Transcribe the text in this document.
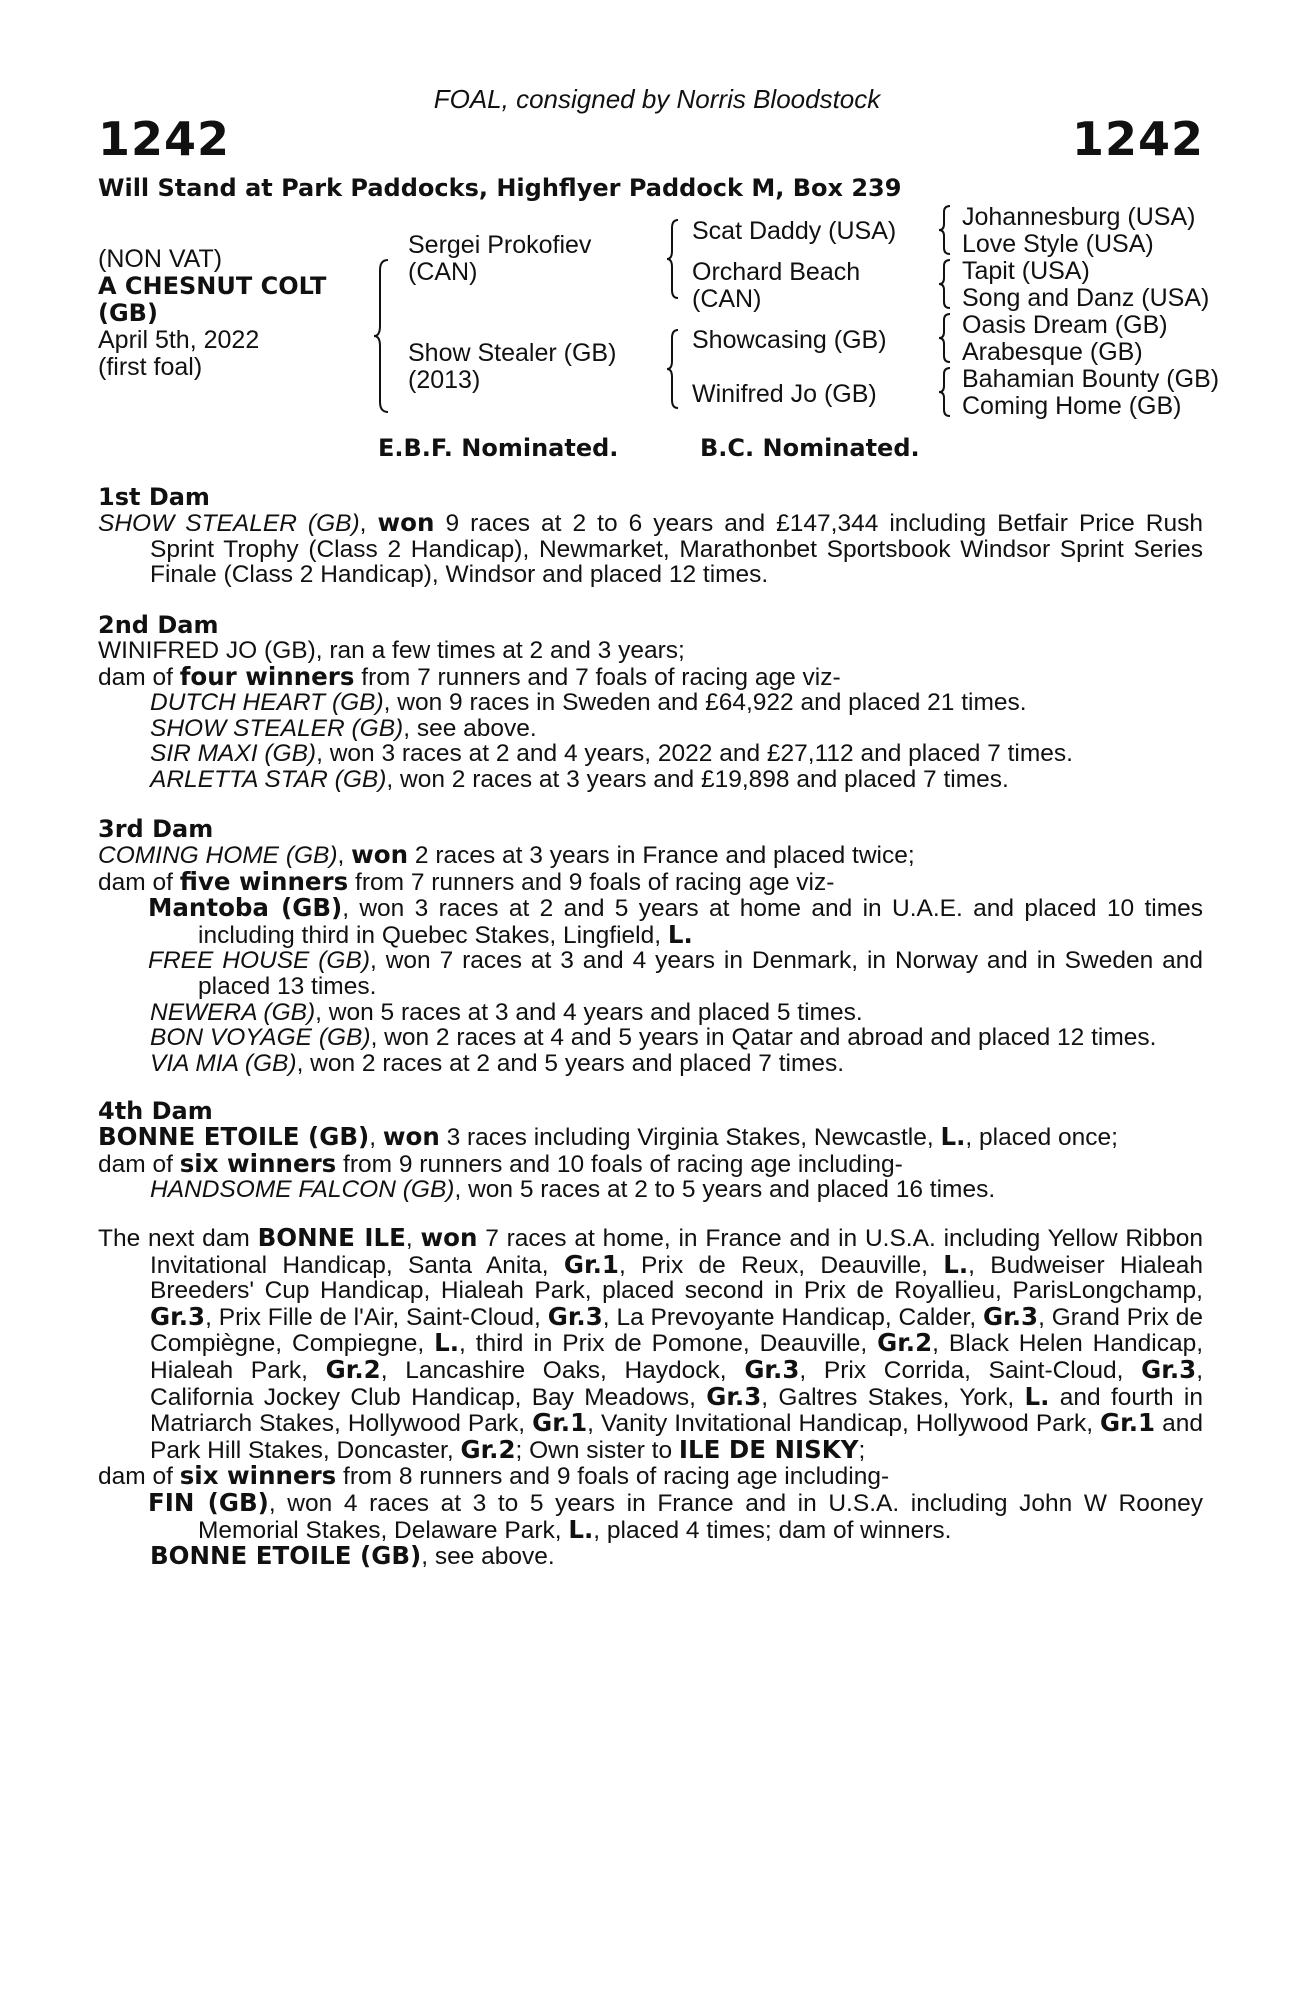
FOAL, consigned by Norris Bloodstock
1242	1242
Will Stand at Park Paddocks, Highflyer Paddock M, Box 239
(NON VAT)
A CHESNUT COLT
(GB)
April 5th, 2022
(first foal)
Sergei Prokofiev
(CAN)
Show Stealer (GB)
(2013)
Scat Daddy (USA)
Orchard Beach
(CAN)
Showcasing (GB)
Winifred Jo (GB)
Johannesburg (USA)
Love Style (USA)
Tapit (USA)
Song and Danz (USA)
Oasis Dream (GB)
Arabesque (GB)
Bahamian Bounty (GB)
Coming Home (GB)
E.B.F. Nominated.	B.C. Nominated.
1st Dam

SHOW STEALER (GB), won 9 races at 2 to 6 years and £147,344 including Betfair Price Rush Sprint Trophy (Class 2 Handicap), Newmarket, Marathonbet Sportsbook Windsor Sprint Series Finale (Class 2 Handicap), Windsor and placed 12 times.

2nd Dam

WINIFRED JO (GB), ran a few times at 2 and 3 years;

dam of four winners from 7 runners and 7 foals of racing age viz-

DUTCH HEART (GB), won 9 races in Sweden and £64,922 and placed 21 times.

SHOW STEALER (GB), see above.

SIR MAXI (GB), won 3 races at 2 and 4 years, 2022 and £27,112 and placed 7 times.

ARLETTA STAR (GB), won 2 races at 3 years and £19,898 and placed 7 times.

3rd Dam

COMING HOME (GB), won 2 races at 3 years in France and placed twice;

dam of five winners from 7 runners and 9 foals of racing age viz-

Mantoba (GB), won 3 races at 2 and 5 years at home and in U.A.E. and placed 10 times including third in Quebec Stakes, Lingfield, L.

FREE HOUSE (GB), won 7 races at 3 and 4 years in Denmark, in Norway and in Sweden and placed 13 times.

NEWERA (GB), won 5 races at 3 and 4 years and placed 5 times.

BON VOYAGE (GB), won 2 races at 4 and 5 years in Qatar and abroad and placed 12 times.

VIA MIA (GB), won 2 races at 2 and 5 years and placed 7 times.

4th Dam

BONNE ETOILE (GB), won 3 races including Virginia Stakes, Newcastle, L., placed once;

dam of six winners from 9 runners and 10 foals of racing age including-

HANDSOME FALCON (GB), won 5 races at 2 to 5 years and placed 16 times.

The next dam BONNE ILE, won 7 races at home, in France and in U.S.A. including Yellow Ribbon Invitational Handicap, Santa Anita, Gr.1, Prix de Reux, Deauville, L., Budweiser Hialeah Breeders' Cup Handicap, Hialeah Park, placed second in Prix de Royallieu, ParisLongchamp, Gr.3, Prix Fille de l'Air, Saint-Cloud, Gr.3, La Prevoyante Handicap, Calder, Gr.3, Grand Prix de Compiègne, Compiegne, L., third in Prix de Pomone, Deauville, Gr.2, Black Helen Handicap, Hialeah Park, Gr.2, Lancashire Oaks, Haydock, Gr.3, Prix Corrida, Saint-Cloud, Gr.3, California Jockey Club Handicap, Bay Meadows, Gr.3, Galtres Stakes, York, L. and fourth in Matriarch Stakes, Hollywood Park, Gr.1, Vanity Invitational Handicap, Hollywood Park, Gr.1 and Park Hill Stakes, Doncaster, Gr.2; Own sister to ILE DE NISKY;

dam of six winners from 8 runners and 9 foals of racing age including-

FIN (GB), won 4 races at 3 to 5 years in France and in U.S.A. including John W Rooney Memorial Stakes, Delaware Park, L., placed 4 times; dam of winners.

BONNE ETOILE (GB), see above.
